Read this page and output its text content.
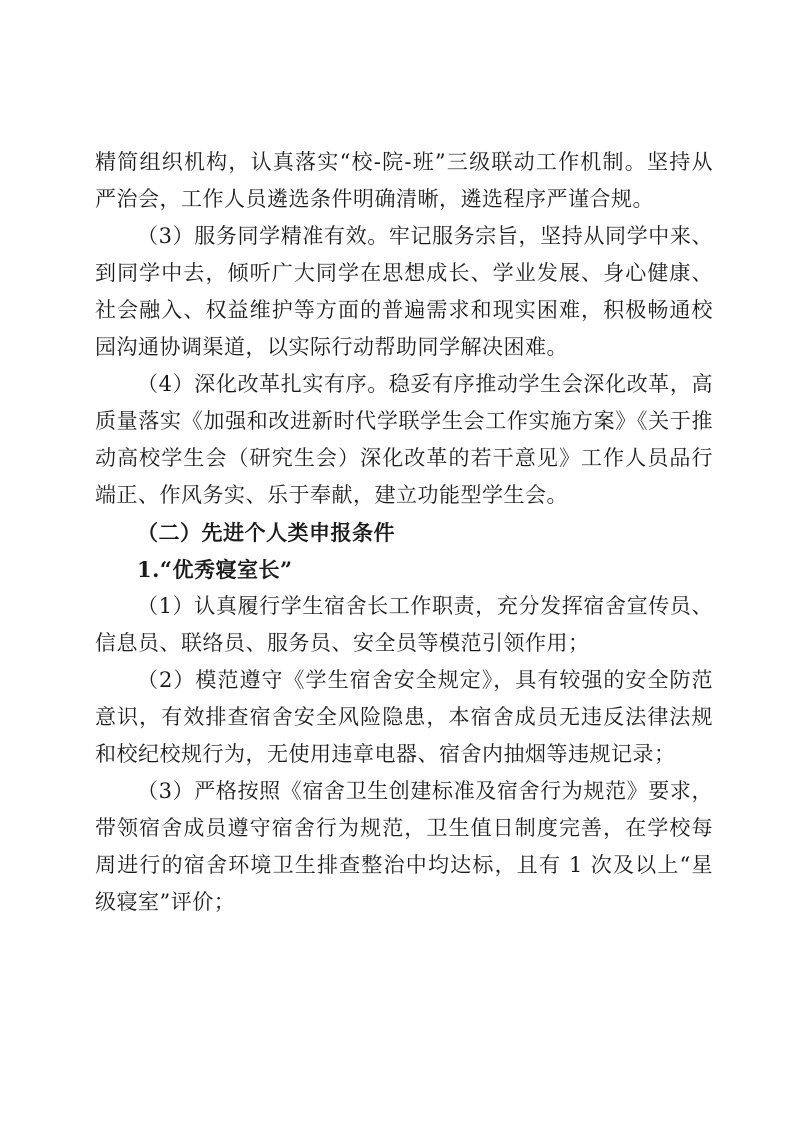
精简组织机构，认真落实“校-院-班”三级联动工作机制。坚持从严治会，工作人员遴选条件明确清晰，遴选程序严谨合规。

（3）服务同学精准有效。牢记服务宗旨，坚持从同学中来、到同学中去，倾听广大同学在思想成长、学业发展、身心健康、社会融入、权益维护等方面的普遍需求和现实困难，积极畅通校园沟通协调渠道，以实际行动帮助同学解决困难。

（4）深化改革扎实有序。稳妥有序推动学生会深化改革，高质量落实《加强和改进新时代学联学生会工作实施方案》《关于推动高校学生会（研究生会）深化改革的若干意见》工作人员品行端正、作风务实、乐于奉献，建立功能型学生会。

（二）先进个人类申报条件

1.“优秀寝室长”

（1）认真履行学生宿舍长工作职责，充分发挥宿舍宣传员、信息员、联络员、服务员、安全员等模范引领作用；

（2）模范遵守《学生宿舍安全规定》，具有较强的安全防范意识，有效排查宿舍安全风险隐患，本宿舍成员无违反法律法规和校纪校规行为，无使用违章电器、宿舍内抽烟等违规记录；

（3）严格按照《宿舍卫生创建标准及宿舍行为规范》要求，带领宿舍成员遵守宿舍行为规范，卫生值日制度完善，在学校每周进行的宿舍环境卫生排查整治中均达标，且有 1 次及以上“星级寝室”评价；
